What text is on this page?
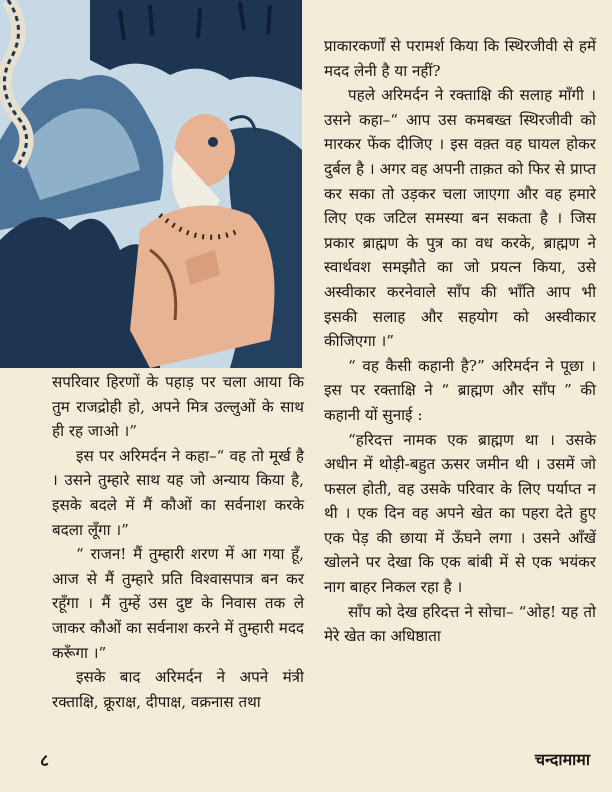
प्राकारकर्णों से परामर्श किया कि स्थिरजीवी से हमें मदद लेनी है या नहीं?

पहले अरिमर्दन ने रक्ताक्षि की सलाह माँगी । उसने कहा–“ आप उस कमबख्त स्थिरजीवी को मारकर फेंक दीजिए । इस वक़्त वह घायल होकर दुर्बल है । अगर वह अपनी ताक़त को फिर से प्राप्त कर सका तो उड़कर चला जाएगा और वह हमारे लिए एक जटिल समस्या बन सकता है । जिस प्रकार ब्राह्मण के पुत्र का वध करके, ब्राह्मण ने स्वार्थवश समझौते का जो प्रयत्न किया, उसे अस्वीकार करनेवाले साँप की भाँति आप भी इसकी सलाह और सहयोग को अस्वीकार कीजिएगा ।”

“ वह कैसी कहानी है?” अरिमर्दन ने पूछा । इस पर रक्ताक्षि ने “ ब्राह्मण और साँप ” की कहानी यों सुनाई :

“हरिदत्त नामक एक ब्राह्मण था । उसके अधीन में थोड़ी-बहुत ऊसर जमीन थी । उसमें जो फसल होती, वह उसके परिवार के लिए पर्याप्त न थी । एक दिन वह अपने खेत का पहरा देते हुए एक पेड़ की छाया में ऊँघने लगा । उसने आँखें खोलने पर देखा कि एक बांबी में से एक भयंकर नाग बाहर निकल रहा है ।

साँप को देख हरिदत्त ने सोचा– “ओह! यह तो मेरे खेत का अधिष्ठाता

सपरिवार हिरणों के पहाड़ पर चला आया कि तुम राजद्रोही हो, अपने मित्र उल्लुओं के साथ ही रह जाओ ।”

इस पर अरिमर्दन ने कहा–“ वह तो मूर्ख है । उसने तुम्हारे साथ यह जो अन्याय किया है, इसके बदले में मैं कौओं का सर्वनाश करके बदला लूँगा ।”

“ राजन! मैं तुम्हारी शरण में आ गया हूँ, आज से मैं तुम्हारे प्रति विश्वासपात्र बन कर रहूँगा । मैं तुम्हें उस दुष्ट के निवास तक ले जाकर कौओं का सर्वनाश करने में तुम्हारी मदद करूँगा ।”

इसके बाद अरिमर्दन ने अपने मंत्री रक्ताक्षि, क्रूराक्ष, दीपाक्ष, वक्रनास तथा

८	चन्दामामा
